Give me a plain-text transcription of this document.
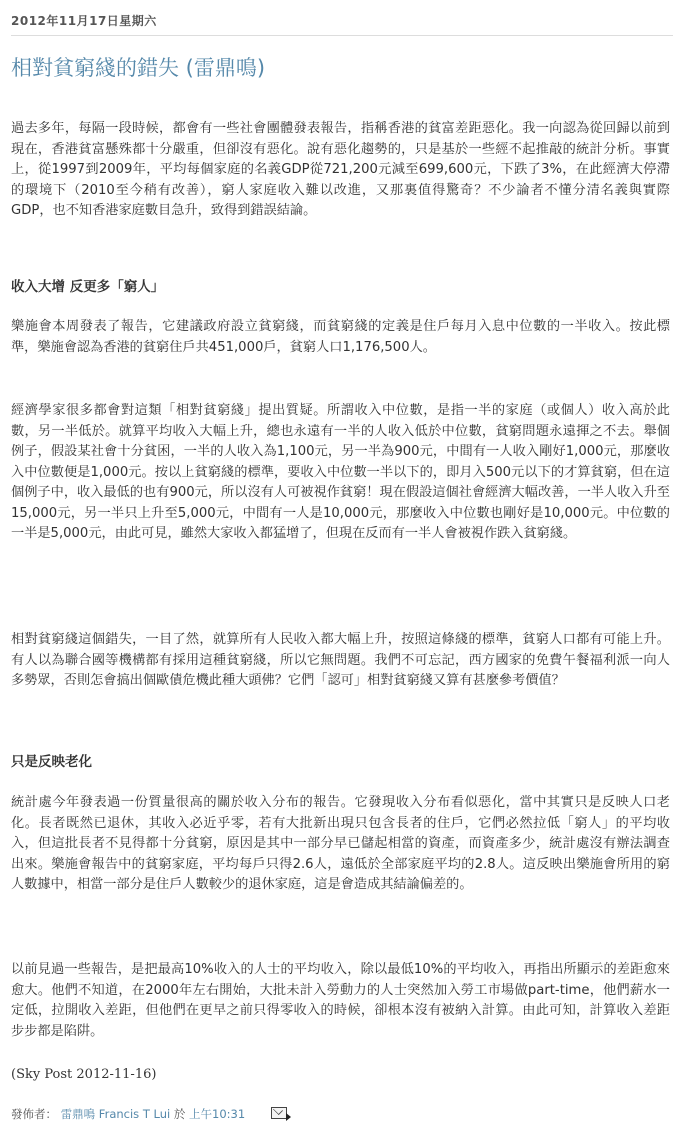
2012年11月17日星期六
相對貧窮綫的錯失 (雷鼎鳴)

過去多年，每隔一段時候，都會有一些社會團體發表報告，指稱香港的貧富差距惡化。我一向認為從回歸以前到現在，香港貧富懸殊都十分嚴重，但卻沒有惡化。說有惡化趨勢的，只是基於一些經不起推敲的統計分析。事實上，從1997到2009年，平均每個家庭的名義GDP從721,200元減至699,600元，下跌了3%，在此經濟大停滯的環境下（2010至今稍有改善），窮人家庭收入難以改進，又那裏值得驚奇？不少論者不懂分清名義與實際GDP，也不知香港家庭數目急升，致得到錯誤結論。

收入大增 反更多「窮人」

樂施會本周發表了報告，它建議政府設立貧窮綫，而貧窮綫的定義是住戶每月入息中位數的一半收入。按此標準，樂施會認為香港的貧窮住戶共451,000戶，貧窮人口1,176,500人。

經濟學家很多都會對這類「相對貧窮綫」提出質疑。所謂收入中位數，是指一半的家庭（或個人）收入高於此數，另一半低於。就算平均收入大幅上升，總也永遠有一半的人收入低於中位數，貧窮問題永遠揮之不去。舉個例子，假設某社會十分貧困，一半的人收入為1,100元，另一半為900元，中間有一人收入剛好1,000元，那麼收入中位數便是1,000元。按以上貧窮綫的標準，要收入中位數一半以下的，即月入500元以下的才算貧窮，但在這個例子中，收入最低的也有900元，所以沒有人可被視作貧窮！現在假設這個社會經濟大幅改善，一半人收入升至15,000元，另一半只上升至5,000元，中間有一人是10,000元，那麼收入中位數也剛好是10,000元。中位數的一半是5,000元，由此可見，雖然大家收入都猛增了，但現在反而有一半人會被視作跌入貧窮綫。

相對貧窮綫這個錯失，一目了然，就算所有人民收入都大幅上升，按照這條綫的標準，貧窮人口都有可能上升。有人以為聯合國等機構都有採用這種貧窮綫，所以它無問題。我們不可忘記，西方國家的免費午餐福利派一向人多勢眾，否則怎會搞出個歐債危機此種大頭佛？它們「認可」相對貧窮綫又算有甚麼參考價值？

只是反映老化

統計處今年發表過一份質量很高的關於收入分布的報告。它發現收入分布看似惡化，當中其實只是反映人口老化。長者既然已退休，其收入必近乎零，若有大批新出現只包含長者的住戶，它們必然拉低「窮人」的平均收入，但這批長者不見得都十分貧窮，原因是其中一部分早已儲起相當的資產，而資產多少，統計處沒有辦法調查出來。樂施會報告中的貧窮家庭，平均每戶只得2.6人，遠低於全部家庭平均的2.8人。這反映出樂施會所用的窮人數據中，相當一部分是住戶人數較少的退休家庭，這是會造成其結論偏差的。

以前見過一些報告，是把最高10%收入的人士的平均收入，除以最低10%的平均收入，再指出所顯示的差距愈來愈大。他們不知道，在2000年左右開始，大批未計入勞動力的人士突然加入勞工市場做part-time，他們薪水一定低，拉開收入差距，但他們在更早之前只得零收入的時候，卻根本沒有被納入計算。由此可知，計算收入差距步步都是陷阱。

(Sky Post 2012-11-16)
發佈者： 雷鼎鳴 Francis T Lui 於 上午10:31
